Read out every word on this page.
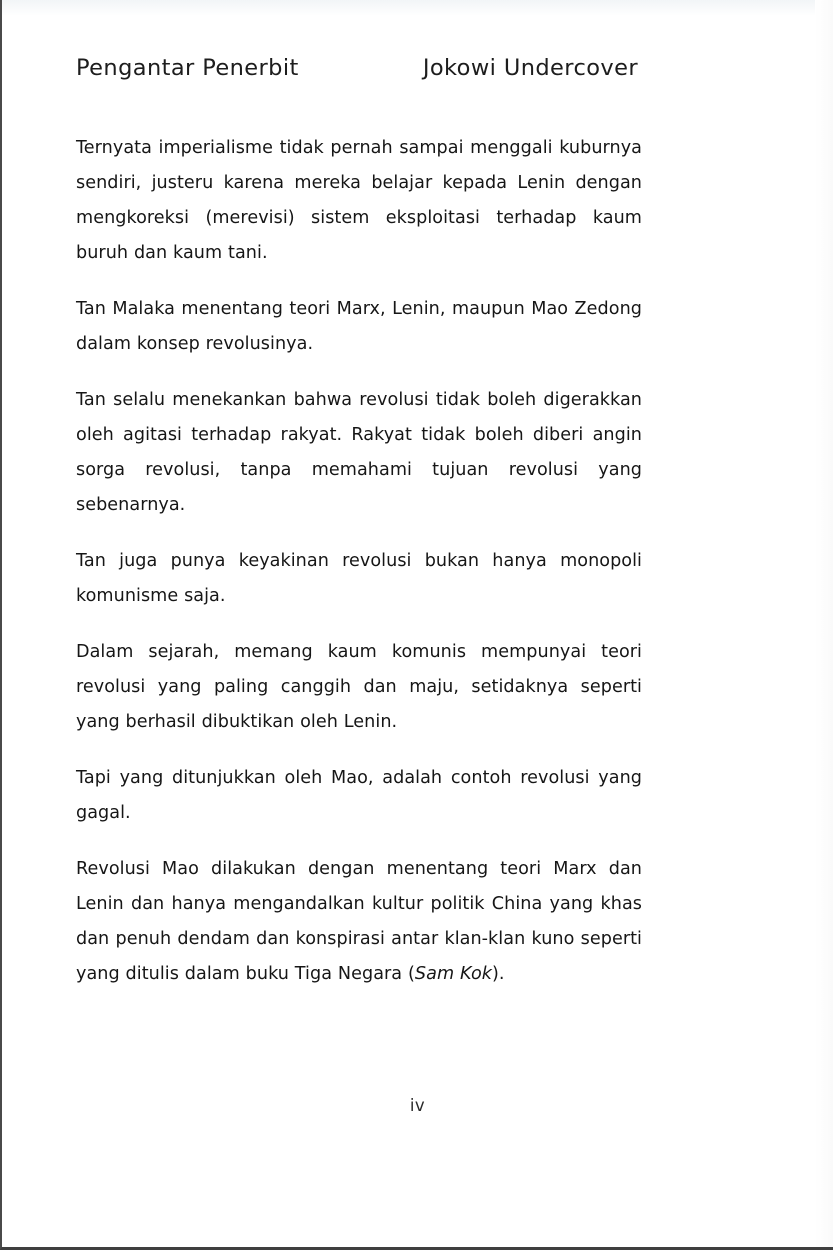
Pengantar Penerbit	Jokowi Undercover

Ternyata imperialisme tidak pernah sampai menggali kuburnya sendiri, justeru karena mereka belajar kepada Lenin dengan mengkoreksi (merevisi) sistem eksploitasi terhadap kaum buruh dan kaum tani.

Tan Malaka menentang teori Marx, Lenin, maupun Mao Zedong dalam konsep revolusinya.

Tan selalu menekankan bahwa revolusi tidak boleh digerakkan oleh agitasi terhadap rakyat. Rakyat tidak boleh diberi angin sorga revolusi, tanpa memahami tujuan revolusi yang sebenarnya.

Tan juga punya keyakinan revolusi bukan hanya monopoli komunisme saja.

Dalam sejarah, memang kaum komunis mempunyai teori revolusi yang paling canggih dan maju, setidaknya seperti yang berhasil dibuktikan oleh Lenin.

Tapi yang ditunjukkan oleh Mao, adalah contoh revolusi yang gagal.

Revolusi Mao dilakukan dengan menentang teori Marx dan Lenin dan hanya mengandalkan kultur politik China yang khas dan penuh dendam dan konspirasi antar klan-klan kuno seperti yang ditulis dalam buku Tiga Negara (Sam Kok).

iv
